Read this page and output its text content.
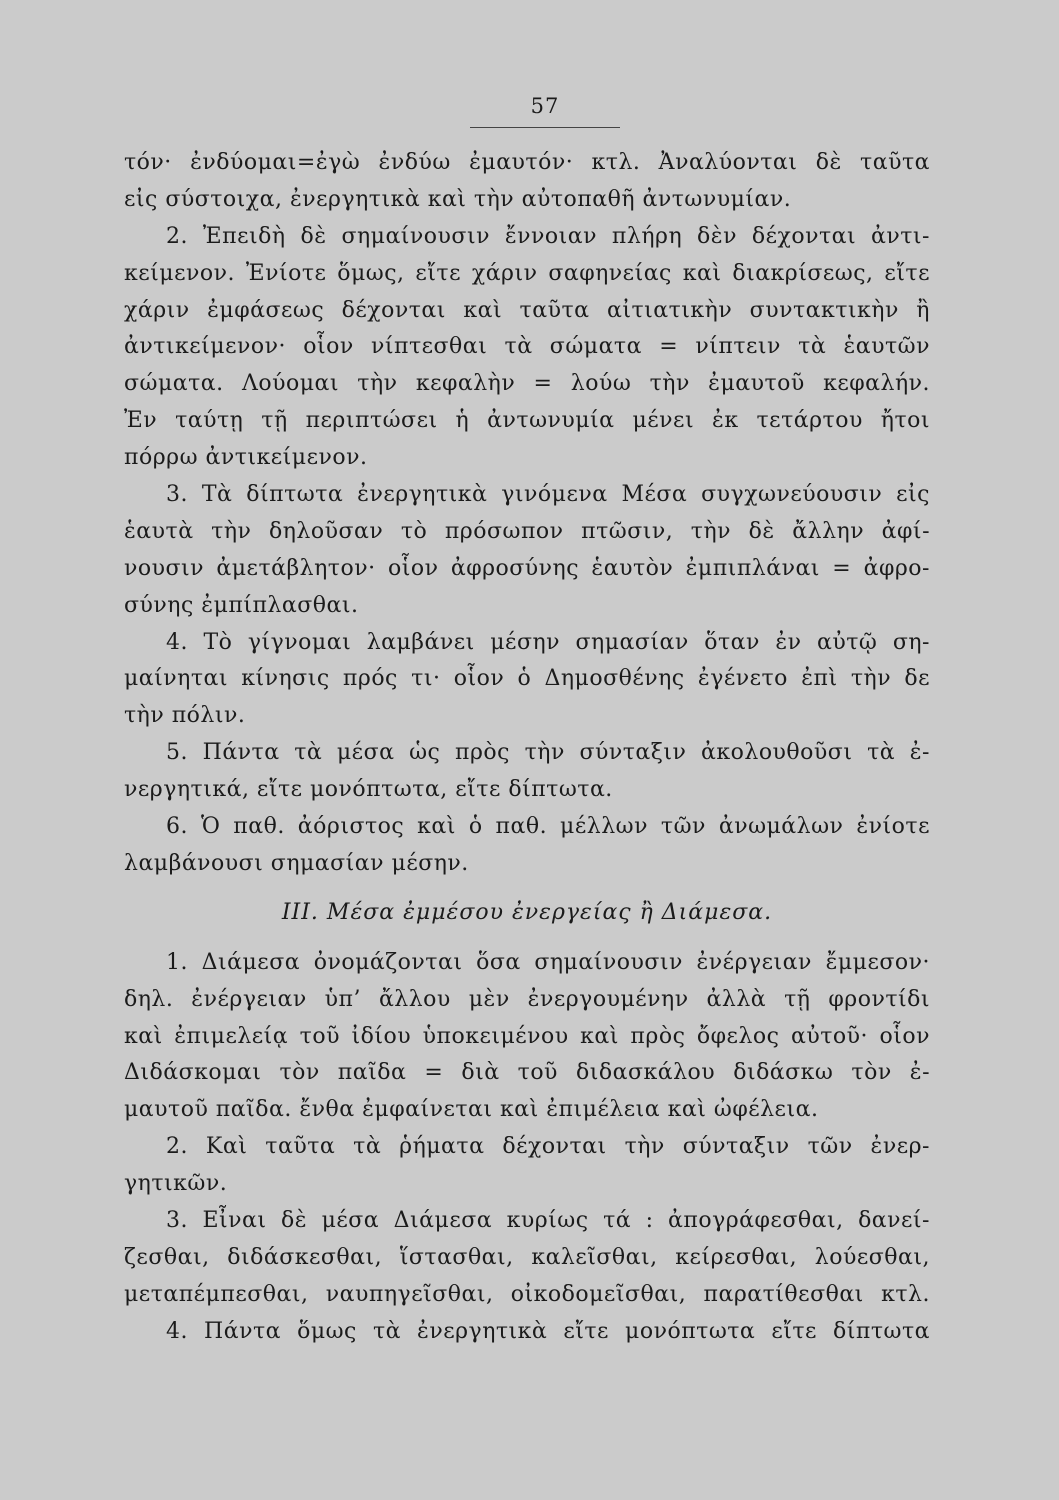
57
τόν· ἐνδύομαι=ἐγὼ ἐνδύω ἐμαυτόν· κτλ. Ἀναλύονται δὲ ταῦτα
εἰς σύστοιχα, ἐνεργητικὰ καὶ τὴν αὐτοπαθῆ ἀντωνυμίαν.
2. Ἐπειδὴ δὲ σημαίνουσιν ἔννοιαν πλήρη δὲν δέχονται ἀντι-
κείμενον. Ἐνίοτε ὅμως, εἴτε χάριν σαφηνείας καὶ διακρίσεως, εἴτε
χάριν ἐμφάσεως δέχονται καὶ ταῦτα αἰτιατικὴν συντακτικὴν ἢ
ἀντικείμενον· οἷον νίπτεσθαι τὰ σώματα = νίπτειν τὰ ἑαυτῶν
σώματα. Λούομαι τὴν κεφαλὴν = λούω τὴν ἐμαυτοῦ κεφαλήν.
Ἐν ταύτῃ τῇ περιπτώσει ἡ ἀντωνυμία μένει ἐκ τετάρτου ἤτοι
πόρρω ἀντικείμενον.
3. Τὰ δίπτωτα ἐνεργητικὰ γινόμενα Μέσα συγχωνεύουσιν εἰς
ἑαυτὰ τὴν δηλοῦσαν τὸ πρόσωπον πτῶσιν, τὴν δὲ ἄλλην ἀφί-
νουσιν ἀμετάβλητον· οἷον ἀφροσύνης ἑαυτὸν ἐμπιπλάναι = ἀφρο-
σύνης ἐμπίπλασθαι.
4. Τὸ γίγνομαι λαμβάνει μέσην σημασίαν ὅταν ἐν αὐτῷ ση-
μαίνηται κίνησις πρός τι· οἷον ὁ Δημοσθένης ἐγένετο ἐπὶ τὴν δε
τὴν πόλιν.
5. Πάντα τὰ μέσα ὡς πρὸς τὴν σύνταξιν ἀκολουθοῦσι τὰ ἐ-
νεργητικά, εἴτε μονόπτωτα, εἴτε δίπτωτα.
6. Ὁ παθ. ἀόριστος καὶ ὁ παθ. μέλλων τῶν ἀνωμάλων ἐνίοτε
λαμβάνουσι σημασίαν μέσην.
III. Μέσα ἐμμέσου ἐνεργείας ἢ Διάμεσα.
1. Διάμεσα ὀνομάζονται ὅσα σημαίνουσιν ἐνέργειαν ἔμμεσον·
δηλ. ἐνέργειαν ὑπ’ ἄλλου μὲν ἐνεργουμένην ἀλλὰ τῇ φροντίδι
καὶ ἐπιμελείᾳ τοῦ ἰδίου ὑποκειμένου καὶ πρὸς ὄφελος αὐτοῦ· οἷον
Διδάσκομαι τὸν παῖδα = διὰ τοῦ διδασκάλου διδάσκω τὸν ἐ-
μαυτοῦ παῖδα. ἔνθα ἐμφαίνεται καὶ ἐπιμέλεια καὶ ὠφέλεια.
2. Καὶ ταῦτα τὰ ῥήματα δέχονται τὴν σύνταξιν τῶν ἐνερ-
γητικῶν.
3. Εἶναι δὲ μέσα Διάμεσα κυρίως τά : ἀπογράφεσθαι, δανεί-
ζεσθαι, διδάσκεσθαι, ἵστασθαι, καλεῖσθαι, κείρεσθαι, λούεσθαι,
μεταπέμπεσθαι, ναυπηγεῖσθαι, οἰκοδομεῖσθαι, παρατίθεσθαι κτλ.
4. Πάντα ὅμως τὰ ἐνεργητικὰ εἴτε μονόπτωτα εἴτε δίπτωτα
